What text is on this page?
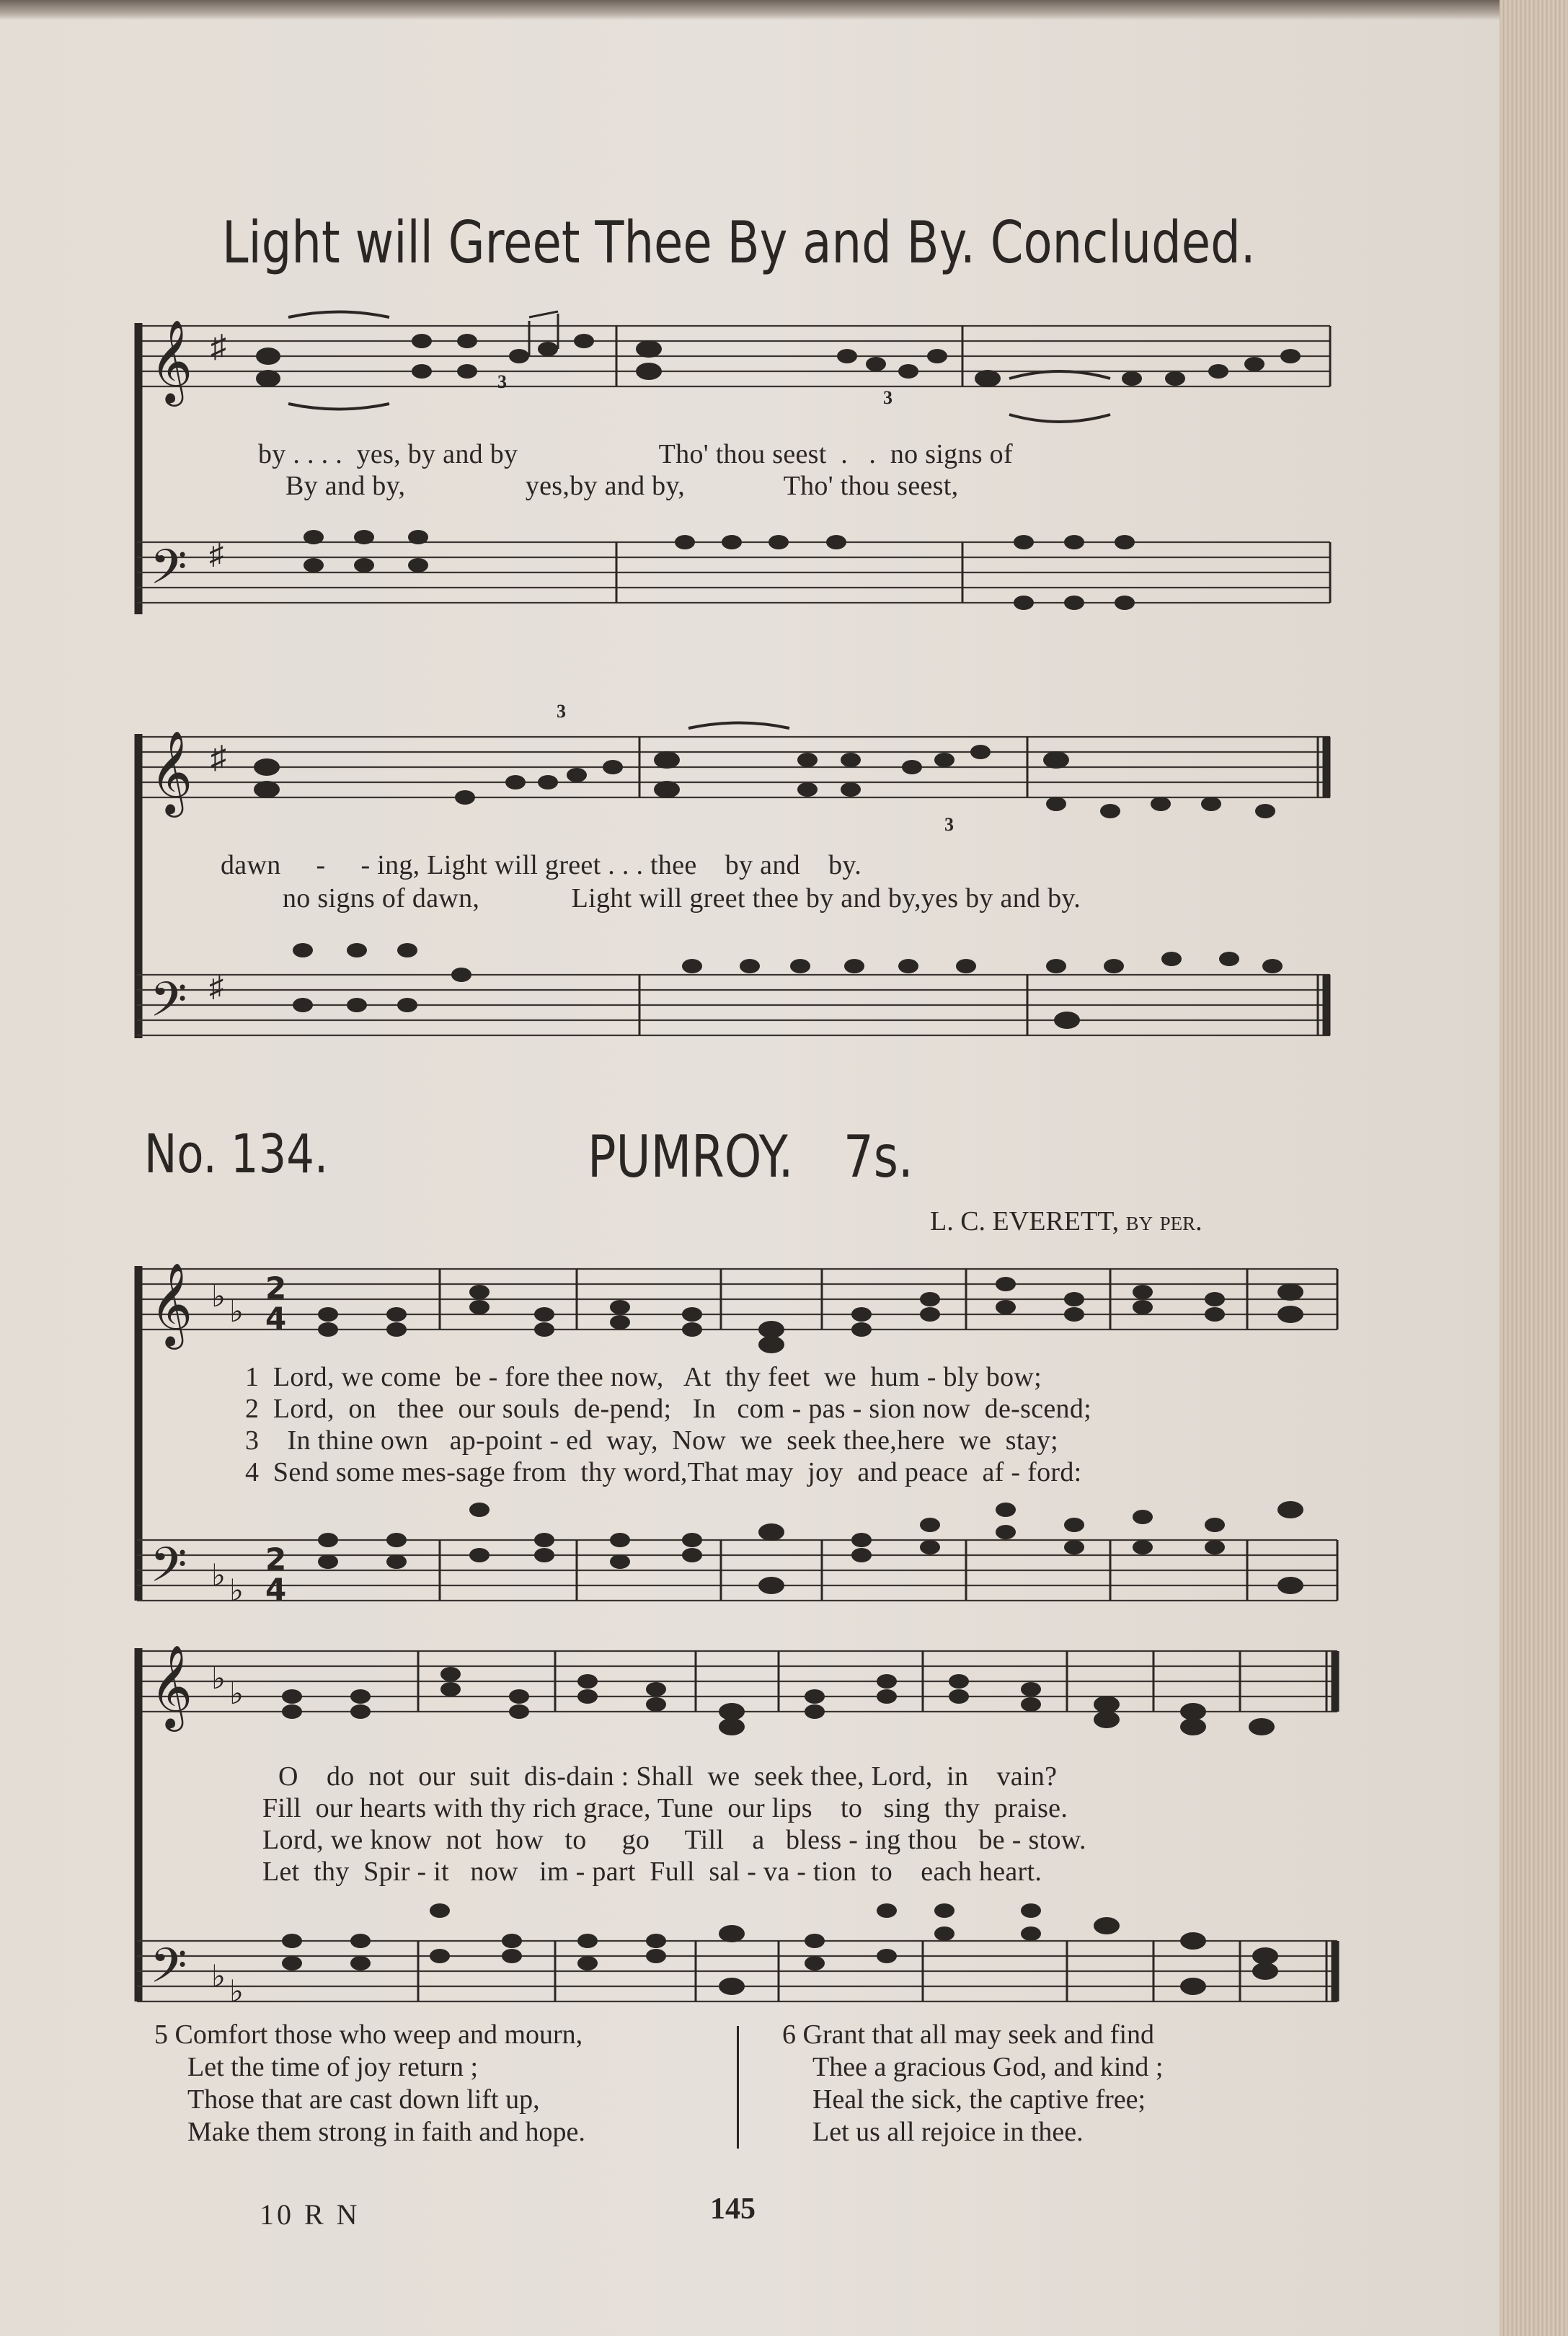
Light will Greet Thee By and By. Concluded.
𝄞 ♯
3
3
𝄢 ♯
by . . . .  yes, by and by                    Tho' thou seest  .   .  no signs of
By and by,                 yes,by and by,              Tho' thou seest,
𝄞 ♯
3
3
𝄢 ♯
dawn     -     - ing, Light will greet . . . thee    by and    by.
no signs of dawn,             Light will greet thee by and by,yes by and by.
No. 134.	PUMROY. 7s.
L. C. EVERETT, by per.
𝄞 ♭ ♭
2
4
𝄢 ♭ ♭
2
4
1  Lord, we come  be - fore thee now,   At  thy feet  we  hum - bly bow;
2  Lord,  on   thee  our souls  de-pend;   In   com - pas - sion now  de-scend;
3    In thine own   ap-point - ed  way,  Now  we  seek thee,here  we  stay;
4  Send some mes-sage from  thy word,That may  joy  and peace  af - ford:
𝄞 ♭ ♭
𝄢 ♭ ♭
O    do  not  our  suit  dis-dain : Shall  we  seek thee, Lord,  in    vain?
Fill  our hearts with thy rich grace, Tune  our lips    to   sing  thy  praise.
Lord, we know  not  how   to     go     Till    a   bless - ing thou   be - stow.
Let  thy  Spir - it   now   im - part  Full  sal - va - tion  to    each heart.
5 Comfort those who weep and mourn,
Let the time of joy return ;
Those that are cast down lift up,
Make them strong in faith and hope.
6 Grant that all may seek and find
Thee a gracious God, and kind ;
Heal the sick, the captive free;
Let us all rejoice in thee.
10 R N	145
